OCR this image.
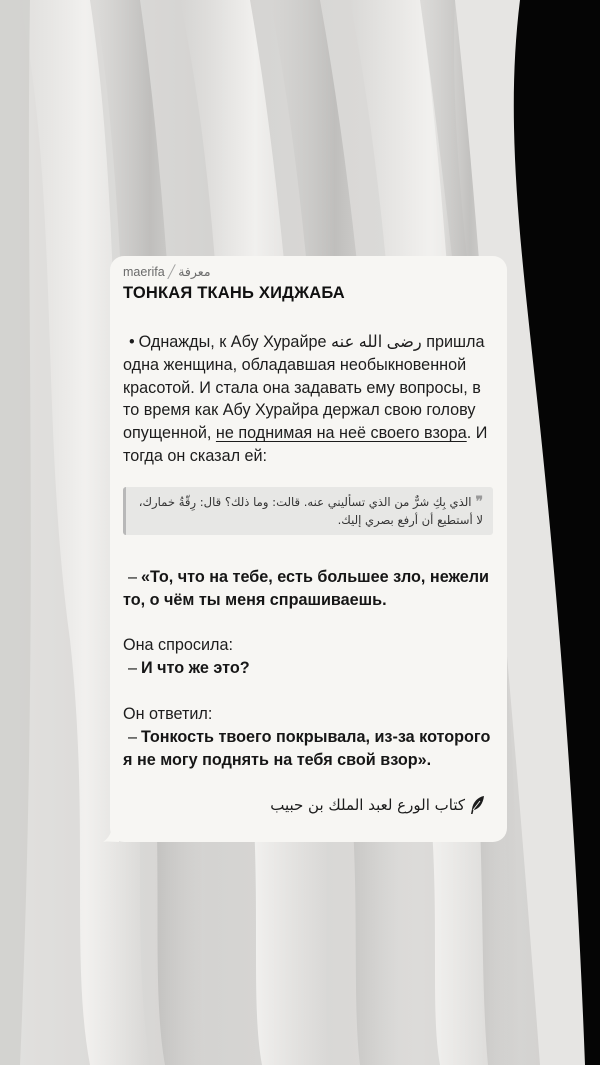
maerifa ╱ معرفة
ТОНКАЯ ТКАНЬ ХИДЖАБА
• Однажды, к Абу Хурайре رضى الله عنه пришла одна женщина, обладавшая необыкновенной красотой. И стала она задавать ему вопросы, в то время как Абу Хурайра держал свою голову опущенной, не поднимая на неё своего взора. И тогда он сказал ей:
❞الذي بِكِ شرٌّ من الذي تسأليني عنه. قالت: وما ذلك؟ قال: رِقّةُ خمارك، لا أستطيع أن أرفع بصري إليك.
– «То, что на тебе, есть большее зло, нежели то, о чём ты меня спрашиваешь.
Она спросила:
– И что же это?
Он ответил:
– Тонкость твоего покрывала, из-за которого я не могу поднять на тебя свой взор».
كتاب الورع لعبد الملك بن حبيب
